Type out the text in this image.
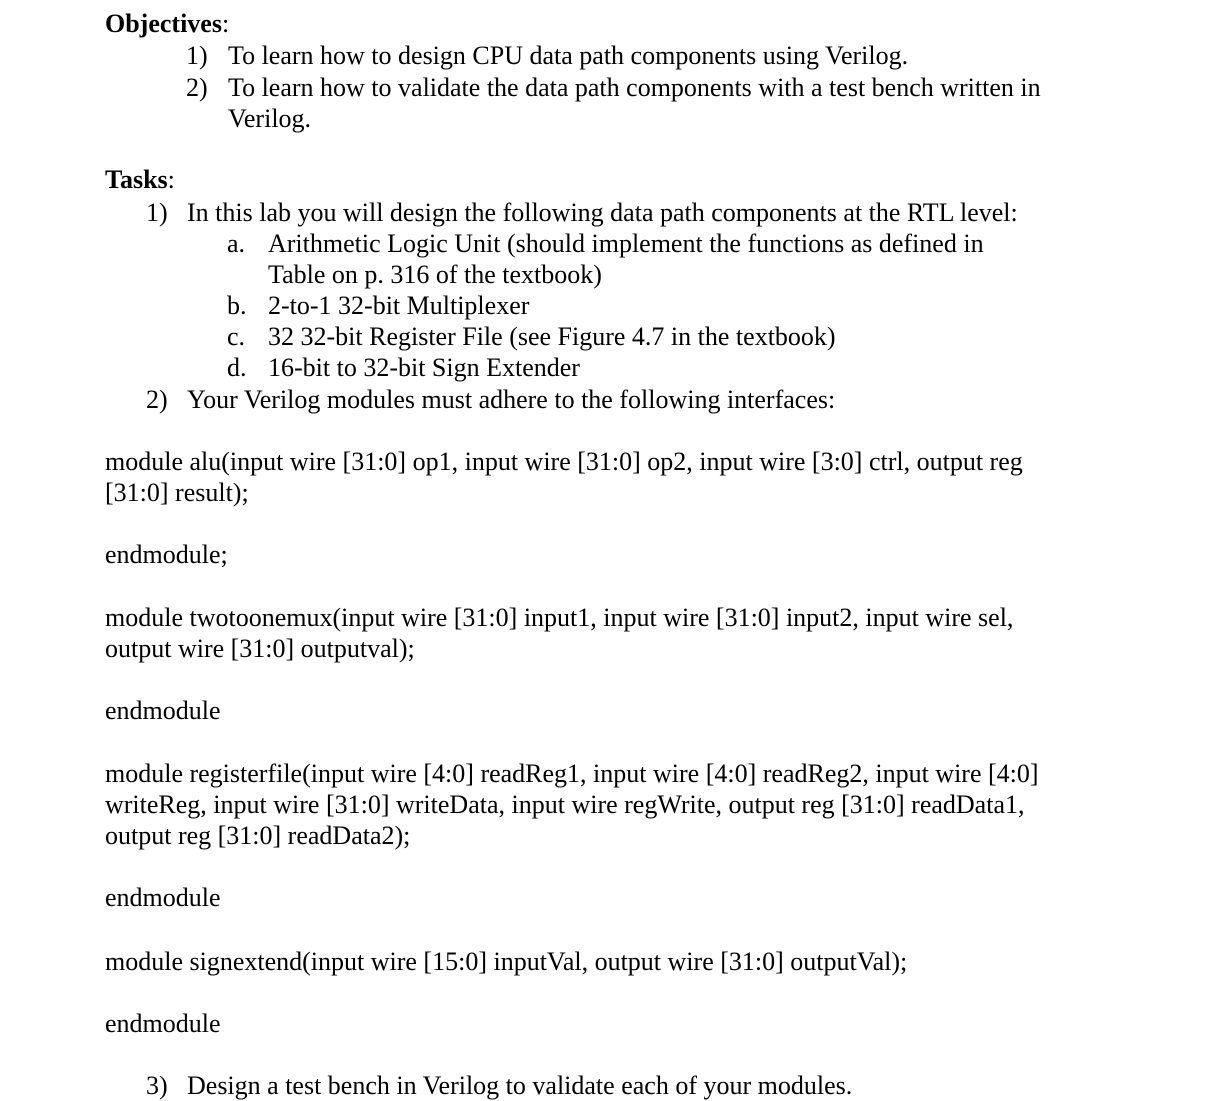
Objectives:
1) To learn how to design CPU data path components using Verilog.
2) To learn how to validate the data path components with a test bench written in
Verilog.
Tasks:
1) In this lab you will design the following data path components at the RTL level:
a. Arithmetic Logic Unit (should implement the functions as defined in
Table on p. 316 of the textbook)
b. 2-to-1 32-bit Multiplexer
c. 32 32-bit Register File (see Figure 4.7 in the textbook)
d. 16-bit to 32-bit Sign Extender
2) Your Verilog modules must adhere to the following interfaces:
module alu(input wire [31:0] op1, input wire [31:0] op2, input wire [3:0] ctrl, output reg
[31:0] result);
endmodule;
module twotoonemux(input wire [31:0] input1, input wire [31:0] input2, input wire sel,
output wire [31:0] outputval);
endmodule
module registerfile(input wire [4:0] readReg1, input wire [4:0] readReg2, input wire [4:0]
writeReg, input wire [31:0] writeData, input wire regWrite, output reg [31:0] readData1,
output reg [31:0] readData2);
endmodule
module signextend(input wire [15:0] inputVal, output wire [31:0] outputVal);
endmodule
3) Design a test bench in Verilog to validate each of your modules.
